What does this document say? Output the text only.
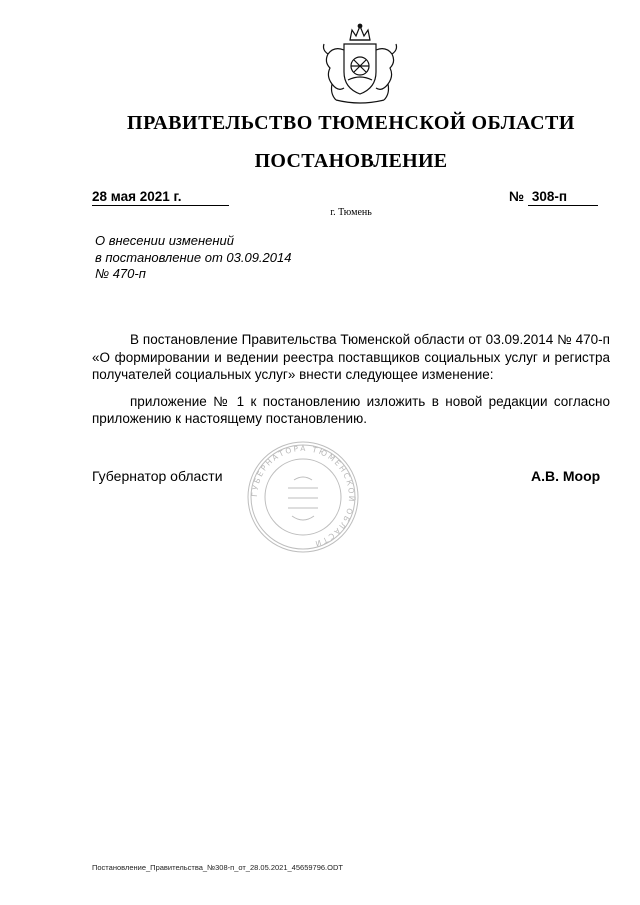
ПРАВИТЕЛЬСТВО ТЮМЕНСКОЙ ОБЛАСТИ
ПОСТАНОВЛЕНИЕ
28 мая 2021 г.	№ 308-п
г. Тюмень
О внесении изменений
в постановление от 03.09.2014
№ 470-п

В постановление Правительства Тюменской области от 03.09.2014 № 470-п «О формировании и ведении реестра поставщиков социальных услуг и регистра получателей социальных услуг» внести следующее изменение:

приложение № 1 к постановлению изложить в новой редакции согласно приложению к настоящему постановлению.

ГУБЕРНАТОРА ТЮМЕНСКОЙ ОБЛАСТИ
Губернатор области	А.В. Моор
Постановление_Правительства_№308-п_от_28.05.2021_45659796.ODT
